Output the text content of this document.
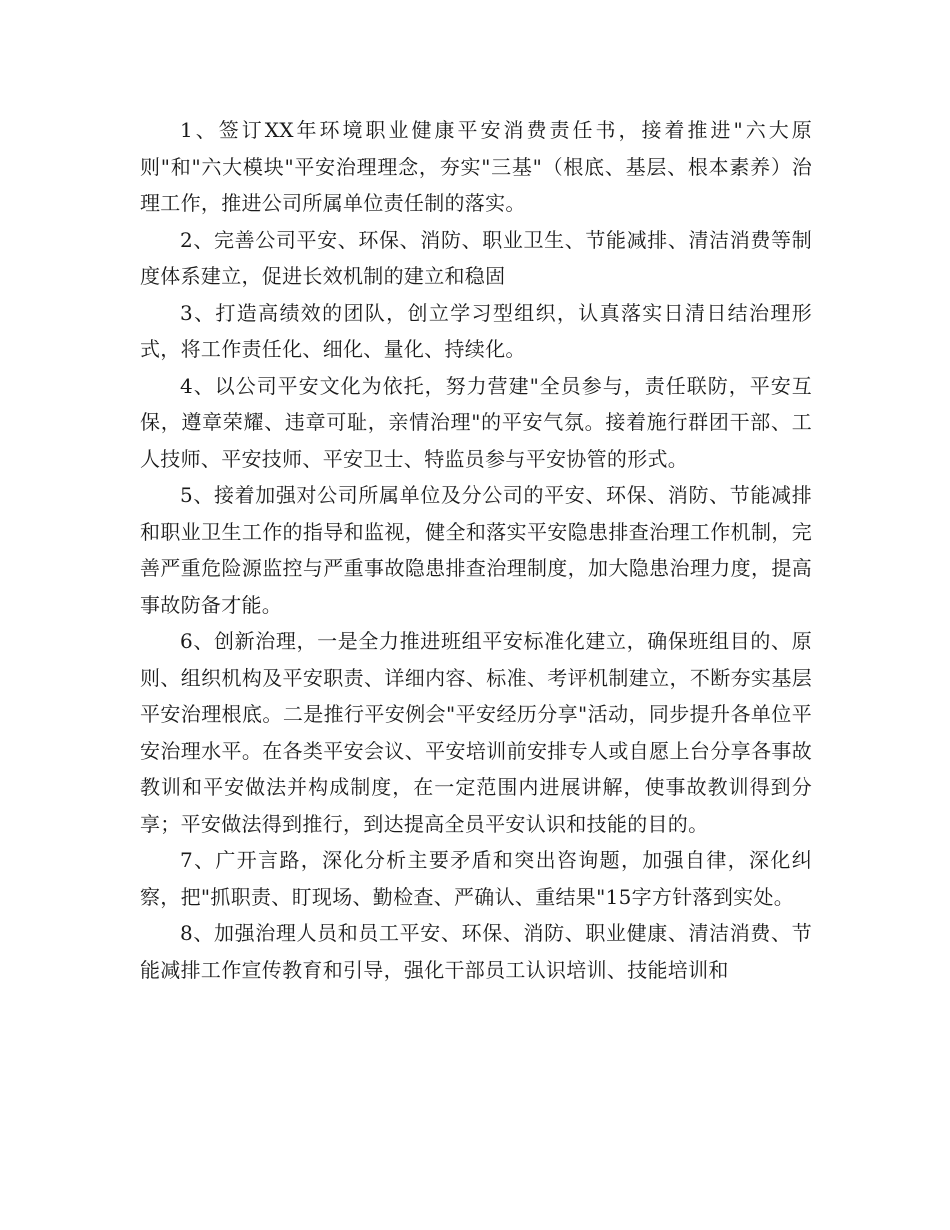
1、签订XX年环境职业健康平安消费责任书，接着推进"六大原则"和"六大模块"平安治理理念，夯实"三基"（根底、基层、根本素养）治理工作，推进公司所属单位责任制的落实。

2、完善公司平安、环保、消防、职业卫生、节能减排、清洁消费等制度体系建立，促进长效机制的建立和稳固

3、打造高绩效的团队，创立学习型组织，认真落实日清日结治理形式，将工作责任化、细化、量化、持续化。

4、以公司平安文化为依托，努力营建"全员参与，责任联防，平安互保，遵章荣耀、违章可耻，亲情治理"的平安气氛。接着施行群团干部、工人技师、平安技师、平安卫士、特监员参与平安协管的形式。

5、接着加强对公司所属单位及分公司的平安、环保、消防、节能减排和职业卫生工作的指导和监视，健全和落实平安隐患排查治理工作机制，完善严重危险源监控与严重事故隐患排查治理制度，加大隐患治理力度，提高事故防备才能。

6、创新治理，一是全力推进班组平安标准化建立，确保班组目的、原则、组织机构及平安职责、详细内容、标准、考评机制建立，不断夯实基层平安治理根底。二是推行平安例会"平安经历分享"活动，同步提升各单位平安治理水平。在各类平安会议、平安培训前安排专人或自愿上台分享各事故教训和平安做法并构成制度，在一定范围内进展讲解，使事故教训得到分享；平安做法得到推行，到达提高全员平安认识和技能的目的。

7、广开言路，深化分析主要矛盾和突出咨询题，加强自律，深化纠察，把"抓职责、盯现场、勤检查、严确认、重结果"15字方针落到实处。

8、加强治理人员和员工平安、环保、消防、职业健康、清洁消费、节能减排工作宣传教育和引导，强化干部员工认识培训、技能培训和
